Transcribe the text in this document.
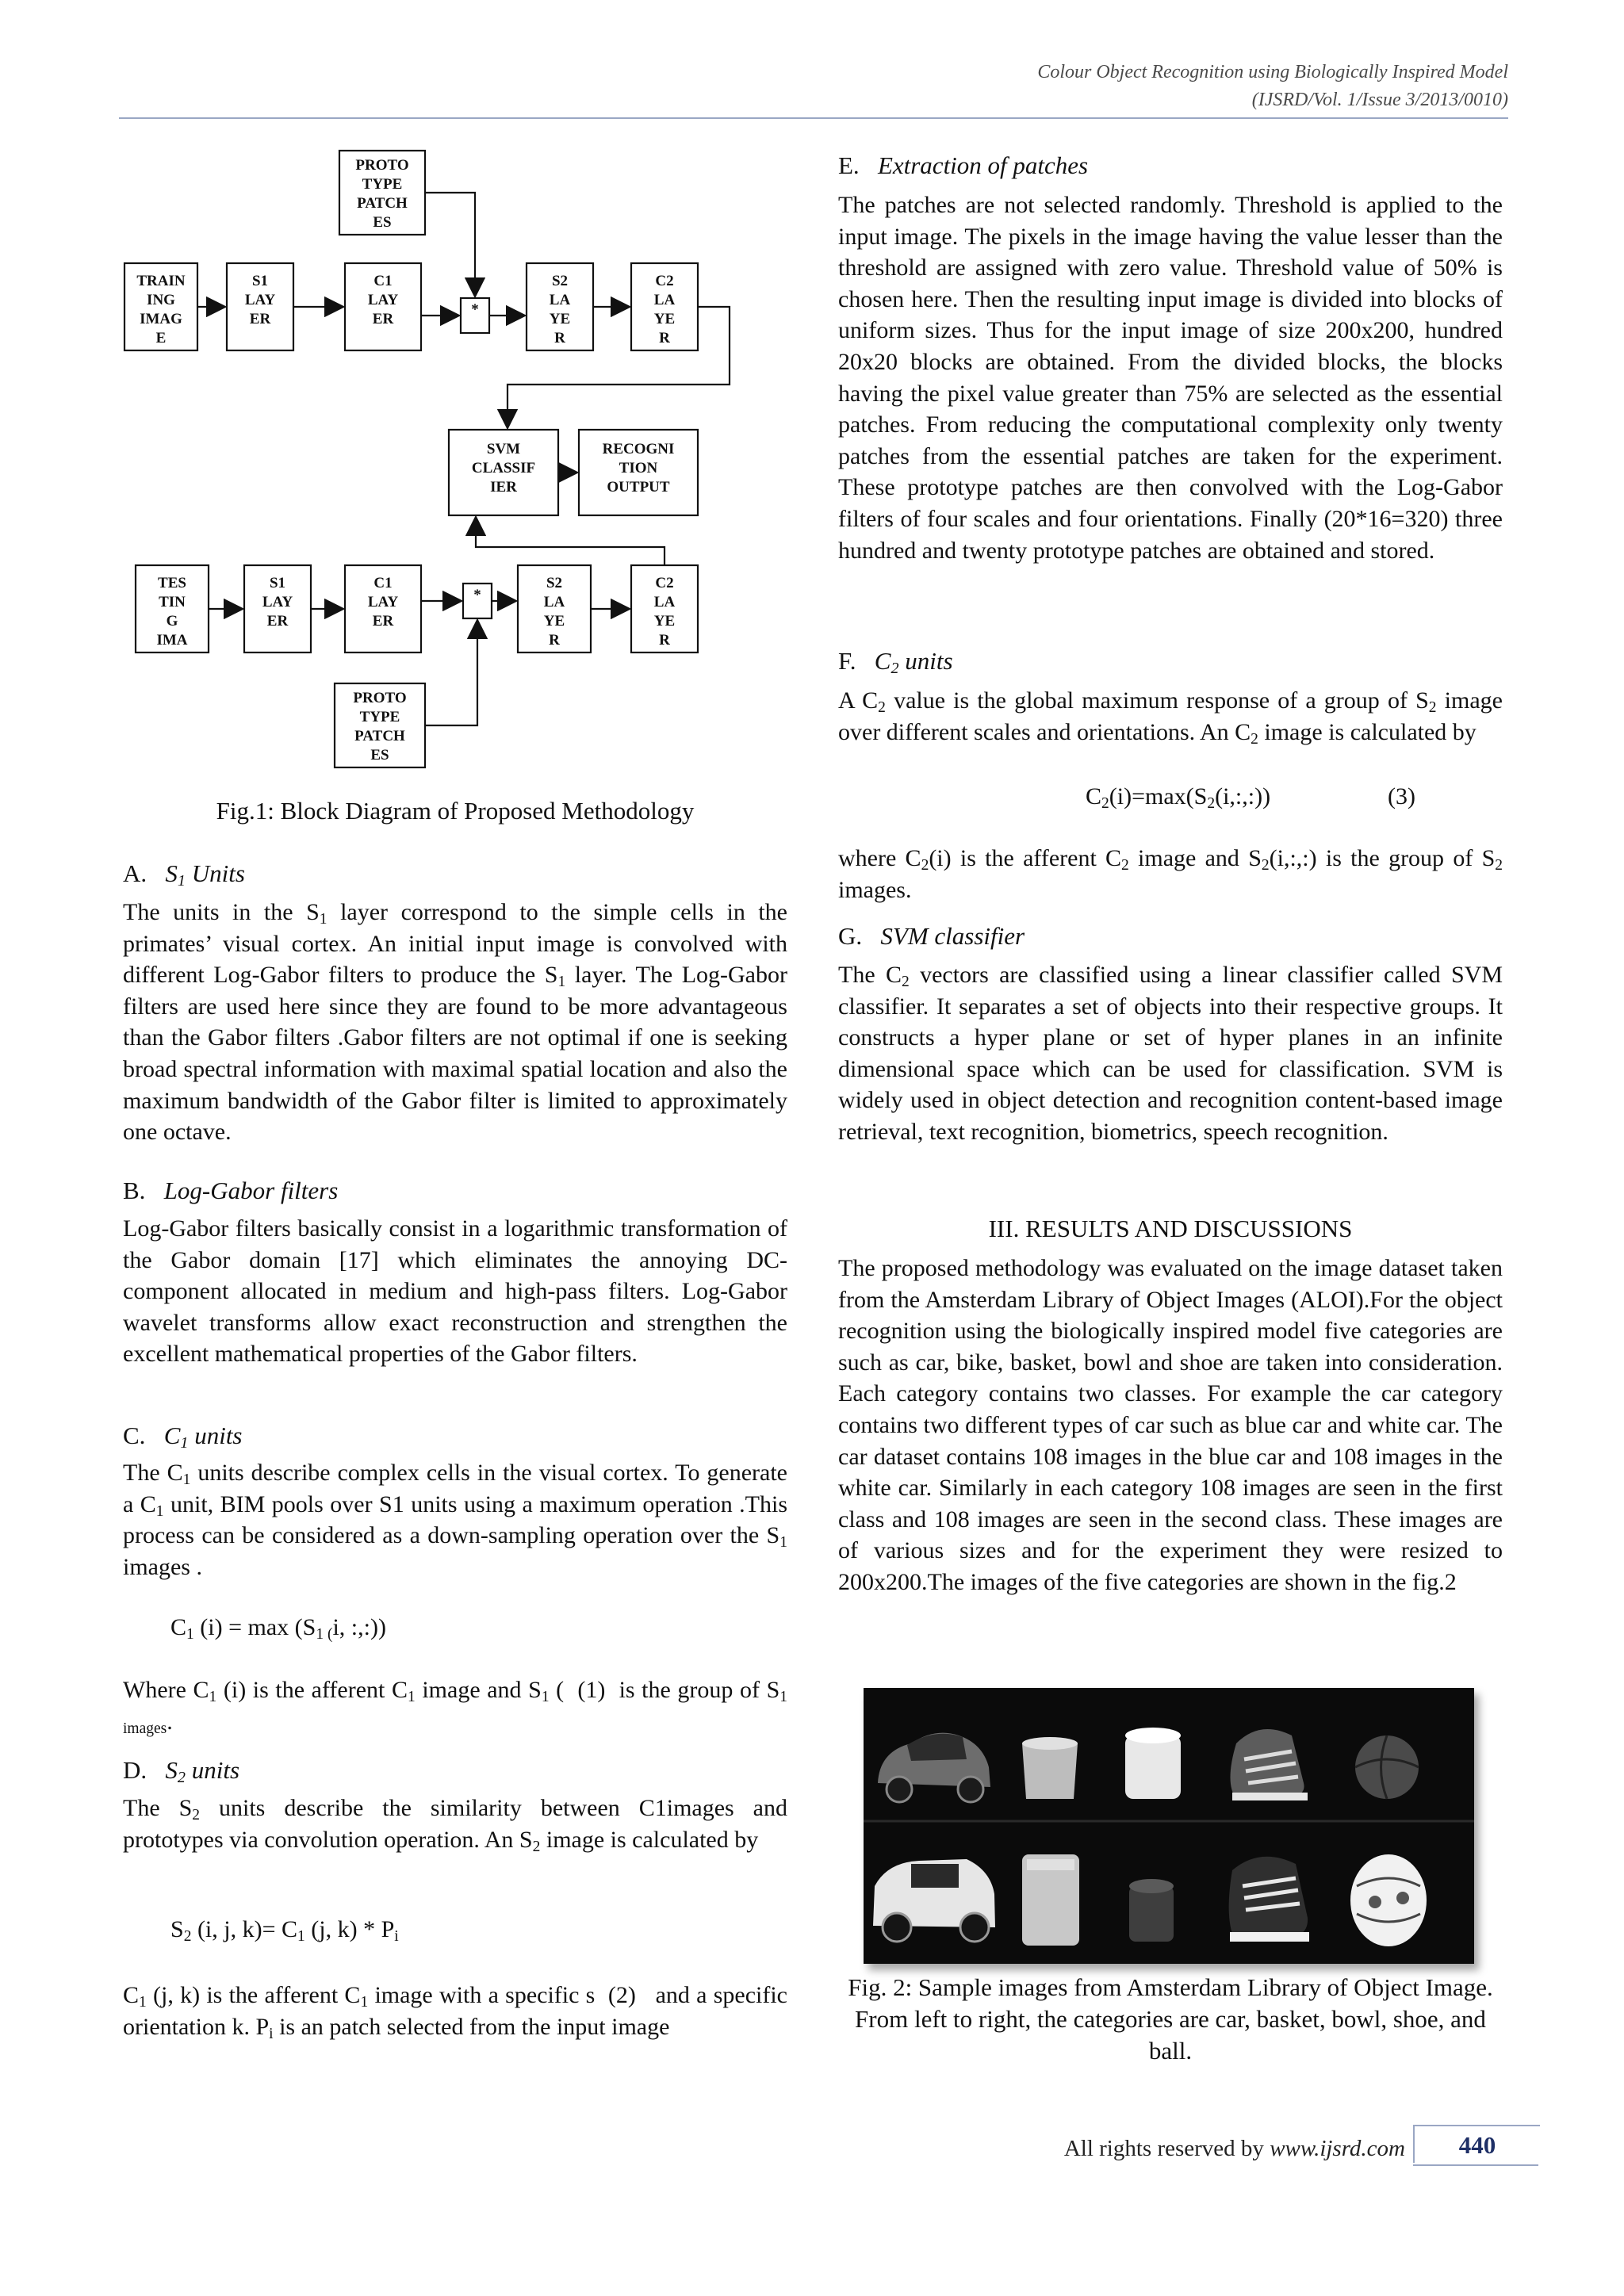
Colour Object Recognition using Biologically Inspired Model
(IJSRD/Vol. 1/Issue 3/2013/0010)
PROTO
TYPE
PATCH
ES
TRAIN
ING
IMAG
E
S1
LAY
ER
C1
LAY
ER
*
S2
LA
YE
R
C2
LA
YE
R
SVM
CLASSIF
IER
RECOGNI
TION
OUTPUT
TES
TIN
G
IMA
S1
LAY
ER
C1
LAY
ER
*
S2
LA
YE
R
C2
LA
YE
R
PROTO
TYPE
PATCH
ES
Fig.1: Block Diagram of Proposed Methodology
A. $S_1$ Units
The units in the $S_1$ layer correspond to the simple cells in the primates’ visual cortex. An initial input image is convolved with different Log-Gabor filters to produce the $S_1$ layer. The Log-Gabor filters are used here since they are found to be more advantageous than the Gabor filters .Gabor filters are not optimal if one is seeking broad spectral information with maximal spatial location and also the maximum bandwidth of the Gabor filter is limited to approximately one octave.
B. Log-Gabor filters
Log-Gabor filters basically consist in a logarithmic transformation of the Gabor domain [17] which eliminates the annoying DC-component allocated in medium and high-pass filters. Log-Gabor wavelet transforms allow exact reconstruction and strengthen the excellent mathematical properties of the Gabor filters.
C. $C_1$ units
The $C_1$ units describe complex cells in the visual cortex. To generate a $C_1$ unit, BIM pools over S1 units using a maximum operation .This process can be considered as a down-sampling operation over the $S_1$ images .
$C_1$ $(i) = \max (S_{1 (}i$, :,:))
Where $C_1$ (i) is the afferent $C_1$ image and $S_1$ ( (1) is the group of $S_{1 images}$.
D. $S_2$ units
The $S_2$ units describe the similarity between C1images and prototypes via convolution operation. An $S_2$ image is calculated by
$S_2$ (i, j, $k)= C_1$ (j, $k) * P_i$
$C_1$ (j, k) is the afferent $C_1$ image with a specific s (2) and a specific orientation k. $P_i$ is an patch selected from the input image
E. Extraction of patches
The patches are not selected randomly. Threshold is applied to the input image. The pixels in the image having the value lesser than the threshold are assigned with zero value. Threshold value of 50% is chosen here. Then the resulting input image is divided into blocks of uniform sizes. Thus for the input image of size 200x200, hundred 20x20 blocks are obtained. From the divided blocks, the blocks having the pixel value greater than 75% are selected as the essential patches. From reducing the computational complexity only twenty patches from the essential patches are taken for the experiment. These prototype patches are then convolved with the Log-Gabor filters of four scales and four orientations. Finally (20*16=320) three hundred and twenty prototype patches are obtained and stored.
F. $C_2$ units
A $C_2$ value is the global maximum response of a group of $S_2$ image over different scales and orientations. An $C_2$ image is calculated by
$C_2(i)=\max(S_2(i,:,:))$	(3)
where $C_2(i)$ is the afferent $C_2$ image and $S_2(i,:,:)$ is the group of $S_2$ images.
G. SVM classifier
The $C_2$ vectors are classified using a linear classifier called SVM classifier. It separates a set of objects into their respective groups. It constructs a hyper plane or set of hyper planes in an infinite dimensional space which can be used for classification. SVM is widely used in object detection and recognition content-based image retrieval, text recognition, biometrics, speech recognition.
III. RESULTS AND DISCUSSIONS
The proposed methodology was evaluated on the image dataset taken from the Amsterdam Library of Object Images (ALOI).For the object recognition using the biologically inspired model five categories are such as car, bike, basket, bowl and shoe are taken into consideration. Each category contains two classes. For example the car category contains two different types of car such as blue car and white car. The car dataset contains 108 images in the blue car and 108 images in the white car. Similarly in each category 108 images are seen in the first class and 108 images are seen in the second class. These images are of various sizes and for the experiment they were resized to 200x200.The images of the five categories are shown in the fig.2
Fig. 2: Sample images from Amsterdam Library of Object Image. From left to right, the categories are car, basket, bowl, shoe, and ball.
All rights reserved by www.ijsrd.com	440
